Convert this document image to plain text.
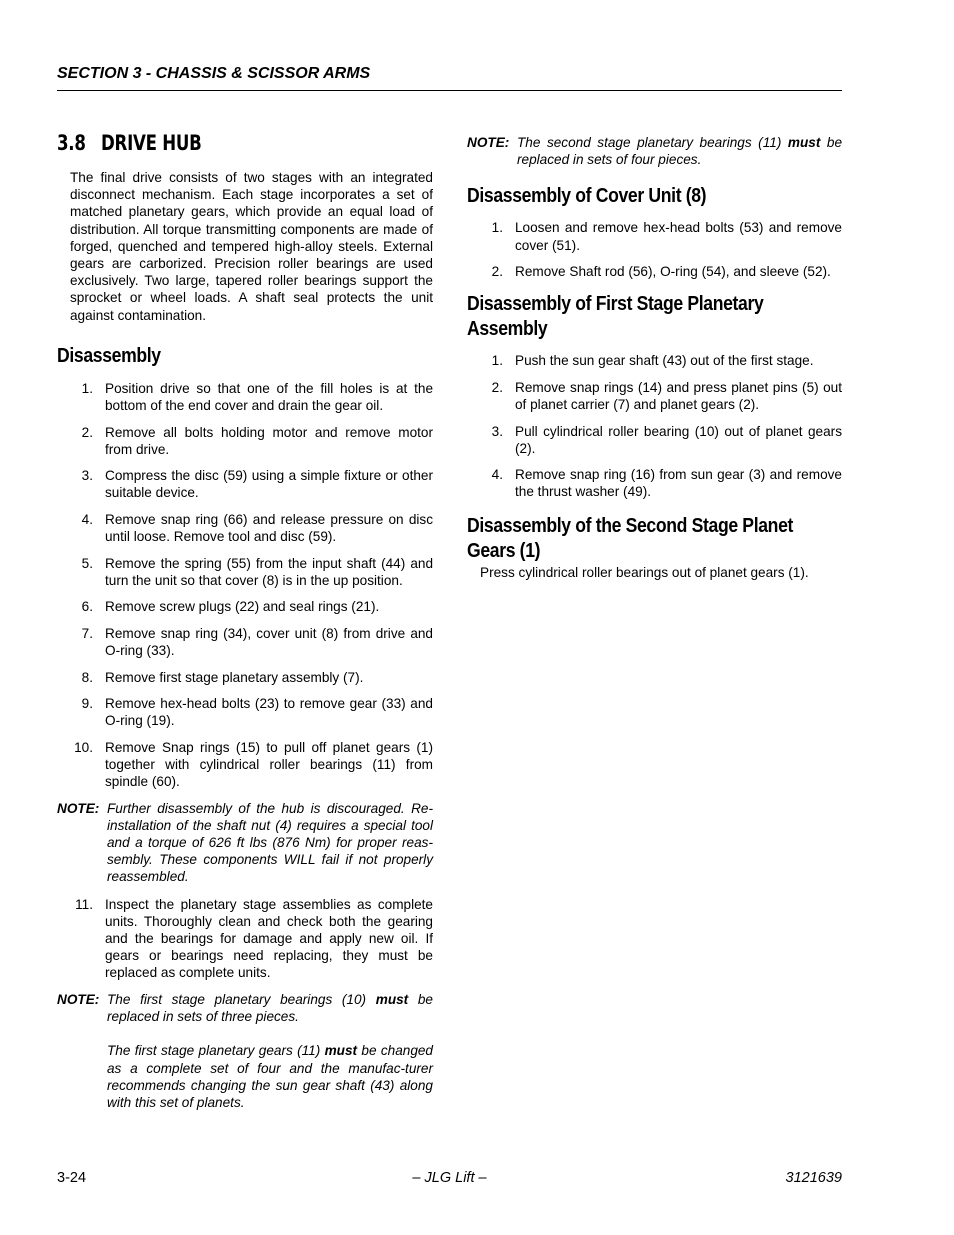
SECTION 3 - CHASSIS & SCISSOR ARMS
3.8 DRIVE HUB

The final drive consists of two stages with an integrated disconnect mechanism. Each stage incorporates a set of matched planetary gears, which provide an equal load of distribution. All torque transmitting components are made of forged, quenched and tempered high-alloy steels. External gears are carborized. Precision roller bearings are used exclusively. Two large, tapered roller bearings support the sprocket or wheel loads. A shaft seal protects the unit against contamination.

Disassembly
1. Position drive so that one of the fill holes is at the bottom of the end cover and drain the gear oil.
2. Remove all bolts holding motor and remove motor from drive.
3. Compress the disc (59) using a simple fixture or other suitable device.
4. Remove snap ring (66) and release pressure on disc until loose. Remove tool and disc (59).
5. Remove the spring (55) from the input shaft (44) and turn the unit so that cover (8) is in the up position.
6. Remove screw plugs (22) and seal rings (21).
7. Remove snap ring (34), cover unit (8) from drive and O-ring (33).
8. Remove first stage planetary assembly (7).
9. Remove hex-head bolts (23) to remove gear (33) and O-ring (19).
10. Remove Snap rings (15) to pull off planet gears (1) together with cylindrical roller bearings (11) from spindle (60).
NOTE: Further disassembly of the hub is discouraged. Re-installation of the shaft nut (4) requires a special tool and a torque of 626 ft lbs (876 Nm) for proper reas-sembly. These components WILL fail if not properly reassembled.

11. Inspect the planetary stage assemblies as complete units. Thoroughly clean and check both the gearing and the bearings for damage and apply new oil. If gears or bearings need replacing, they must be replaced as complete units.
NOTE: The first stage planetary bearings (10) must be replaced in sets of three pieces.

The first stage planetary gears (11) must be changed as a complete set of four and the manufac-turer recommends changing the sun gear shaft (43) along with this set of planets.

NOTE: The second stage planetary bearings (11) must be replaced in sets of four pieces.

Disassembly of Cover Unit (8)
1. Loosen and remove hex-head bolts (53) and remove cover (51).
2. Remove Shaft rod (56), O-ring (54), and sleeve (52).
Disassembly of First Stage Planetary Assembly
1. Push the sun gear shaft (43) out of the first stage.
2. Remove snap rings (14) and press planet pins (5) out of planet carrier (7) and planet gears (2).
3. Pull cylindrical roller bearing (10) out of planet gears (2).
4. Remove snap ring (16) from sun gear (3) and remove the thrust washer (49).
Disassembly of the Second Stage Planet Gears (1)

Press cylindrical roller bearings out of planet gears (1).

3-24	– JLG Lift –	3121639
